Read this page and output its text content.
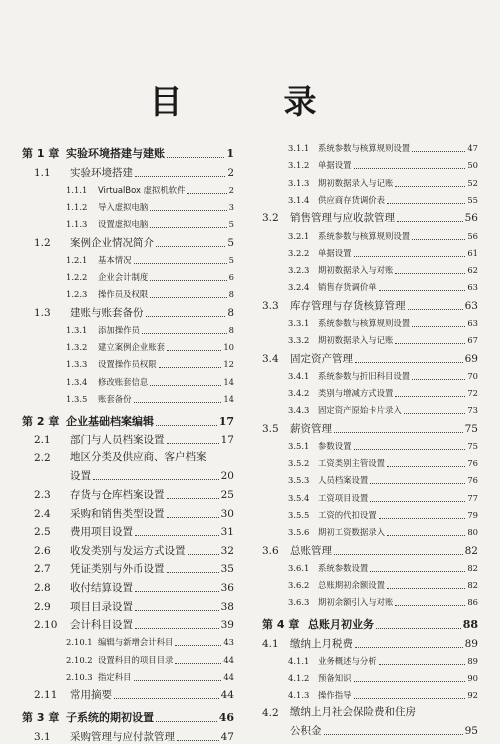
目　录
第 1 章 实验环境搭建与建账	1
1.1	实验环境搭建	2
1.1.1	VirtualBox 虚拟机软件	2
1.1.2	导入虚拟电脑	3
1.1.3	设置虚拟电脑	5
1.2	案例企业情况简介	5
1.2.1	基本情况	5
1.2.2	企业会计制度	6
1.2.3	操作员及权限	8
1.3	建账与账套备份	8
1.3.1	添加操作员	8
1.3.2	建立案例企业账套	10
1.3.3	设置操作员权限	12
1.3.4	修改账套信息	14
1.3.5	账套备份	14
第 2 章 企业基础档案编辑	17
2.1	部门与人员档案设置	17
2.2	地区分类及供应商、客户档案
设置	20
2.3	存货与仓库档案设置	25
2.4	采购和销售类型设置	30
2.5	费用项目设置	31
2.6	收发类别与发运方式设置	32
2.7	凭证类别与外币设置	35
2.8	收付结算设置	36
2.9	项目目录设置	38
2.10	会计科目设置	39
2.10.1 编辑与新增会计科目	43
2.10.2 设置科目的项目目录	44
2.10.3 指定科目	44
2.11	常用摘要	44
第 3 章 子系统的期初设置	46
3.1	采购管理与应付款管理	47
3.1.1	系统参数与核算规则设置	47
3.1.2	单据设置	50
3.1.3	期初数据录入与记账	52
3.1.4	供应商存货调价表	55
3.2	销售管理与应收款管理	56
3.2.1	系统参数与核算规则设置	56
3.2.2	单据设置	61
3.2.3	期初数据录入与对账	62
3.2.4	销售存货调价单	63
3.3	库存管理与存货核算管理	63
3.3.1	系统参数与核算规则设置	63
3.3.2	期初数据录入与记账	67
3.4	固定资产管理	69
3.4.1	系统参数与折旧科目设置	70
3.4.2	类别与增减方式设置	72
3.4.3	固定资产原始卡片录入	73
3.5	薪资管理	75
3.5.1	参数设置	75
3.5.2	工资类别主管设置	76
3.5.3	人员档案设置	76
3.5.4	工资项目设置	77
3.5.5	工资的代扣设置	79
3.5.6	期初工资数据录入	80
3.6	总账管理	82
3.6.1	系统参数设置	82
3.6.2	总账期初余额设置	82
3.6.3	期初余额引入与对账	86
第 4 章 总账月初业务	88
4.1	缴纳上月税费	89
4.1.1	业务概述与分析	89
4.1.2	预备知识	90
4.1.3	操作指导	92
4.2	缴纳上月社会保险费和住房
公积金	95
